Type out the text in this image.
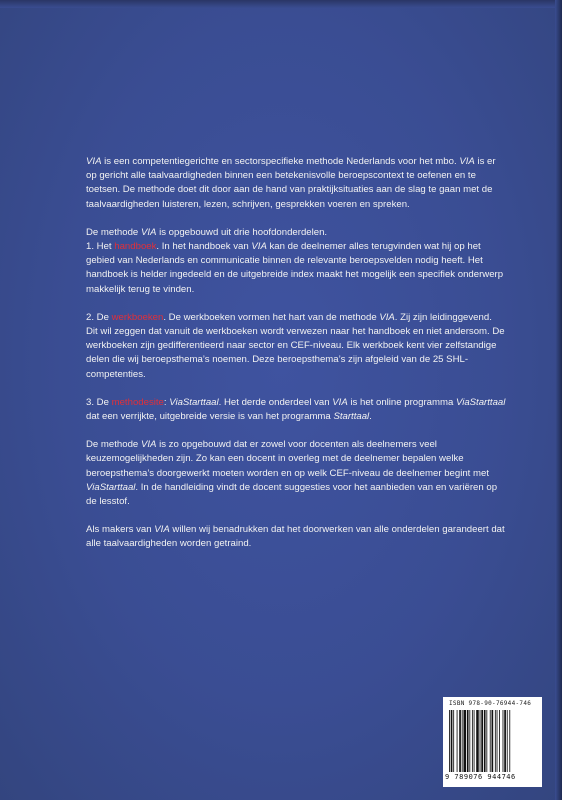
VIA is een competentiegerichte en sectorspecifieke methode Nederlands voor het mbo. VIA is er op gericht alle taalvaardigheden binnen een betekenisvolle beroepscontext te oefenen en te toetsen. De methode doet dit door aan de hand van praktijksituaties aan de slag te gaan met de taalvaardigheden luisteren, lezen, schrijven, gesprekken voeren en spreken.

De methode VIA is opgebouwd uit drie hoofdonderdelen.

1. Het handboek. In het handboek van VIA kan de deelnemer alles terugvinden wat hij op het gebied van Nederlands en communicatie binnen de relevante beroepsvelden nodig heeft. Het handboek is helder ingedeeld en de uitgebreide index maakt het mogelijk een specifiek onderwerp makkelijk terug te vinden.

2. De werkboeken. De werkboeken vormen het hart van de methode VIA. Zij zijn leidinggevend. Dit wil zeggen dat vanuit de werkboeken wordt verwezen naar het handboek en niet andersom. De werkboeken zijn gedifferentieerd naar sector en CEF-niveau. Elk werkboek kent vier zelfstandige delen die wij beroepsthema’s noemen. Deze beroepsthema’s zijn afgeleid van de 25 SHL-competenties.

3. De methodesite: ViaStarttaal. Het derde onderdeel van VIA is het online programma ViaStarttaal dat een verrijkte, uitgebreide versie is van het programma Starttaal.

De methode VIA is zo opgebouwd dat er zowel voor docenten als deelnemers veel keuzemogelijkheden zijn. Zo kan een docent in overleg met de deelnemer bepalen welke beroepsthema’s doorgewerkt moeten worden en op welk CEF-niveau de deelnemer begint met ViaStarttaal. In de handleiding vindt de docent suggesties voor het aanbieden van en variëren op de lesstof.

Als makers van VIA willen wij benadrukken dat het doorwerken van alle onderdelen garandeert dat alle taalvaardigheden worden getraind.

ISBN 978-90-76944-746
9 789076 944746
